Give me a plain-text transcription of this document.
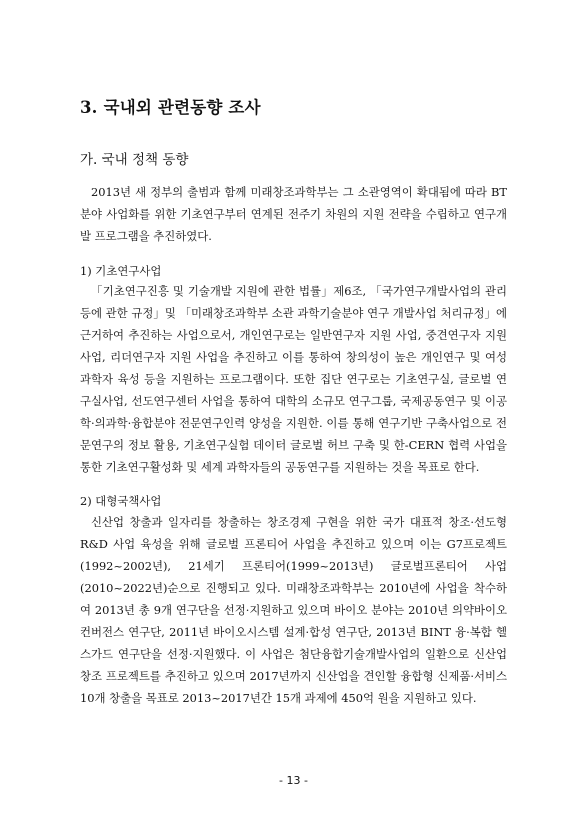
3. 국내외 관련동향 조사
가. 국내 정책 동향

2013년 새 정부의 출범과 함께 미래창조과학부는 그 소관영역이 확대됨에 따라 BT분야 사업화를 위한 기초연구부터 연계된 전주기 차원의 지원 전략을 수립하고 연구개발 프로그램을 추진하였다.

1) 기초연구사업

「기초연구진흥 및 기술개발 지원에 관한 법률」제6조, 「국가연구개발사업의 관리 등에 관한 규정」및 「미래창조과학부 소관 과학기술분야 연구 개발사업 처리규정」에 근거하여 추진하는 사업으로서, 개인연구로는 일반연구자 지원 사업, 중견연구자 지원 사업, 리더연구자 지원 사업을 추진하고 이를 통하여 창의성이 높은 개인연구 및 여성과학자 육성 등을 지원하는 프로그램이다. 또한 집단 연구로는 기초연구실, 글로벌 연구실사업, 선도연구센터 사업을 통하여 대학의 소규모 연구그룹, 국제공동연구 및 이공학·의과학·융합분야 전문연구인력 양성을 지원한. 이를 통해 연구기반 구축사업으로 전문연구의 정보 활용, 기초연구실험 데이터 글로벌 허브 구축 및 한-CERN 협력 사업을 통한 기초연구활성화 및 세계 과학자들의 공동연구를 지원하는 것을 목표로 한다.

2) 대형국책사업

신산업 창출과 일자리를 창출하는 창조경제 구현을 위한 국가 대표적 창조·선도형 R&D 사업 육성을 위해 글로벌 프론티어 사업을 추진하고 있으며 이는 G7프로젝트 (1992~2002년), 21세기 프론티어(1999~2013년) 글로벌프론티어 사업(2010~2022년)순으로 진행되고 있다. 미래창조과학부는 2010년에 사업을 착수하여 2013년 총 9개 연구단을 선정·지원하고 있으며 바이오 분야는 2010년 의약바이오 컨버전스 연구단, 2011년 바이오시스템 설계·합성 연구단, 2013년 BINT 융·복합 헬스가드 연구단을 선정·지원했다. 이 사업은 첨단융합기술개발사업의 일환으로 신산업 창조 프로젝트를 추진하고 있으며 2017년까지 신산업을 견인할 융합형 신제품·서비스 10개 창출을 목표로 2013~2017년간 15개 과제에 450억 원을 지원하고 있다.

- 13 -
